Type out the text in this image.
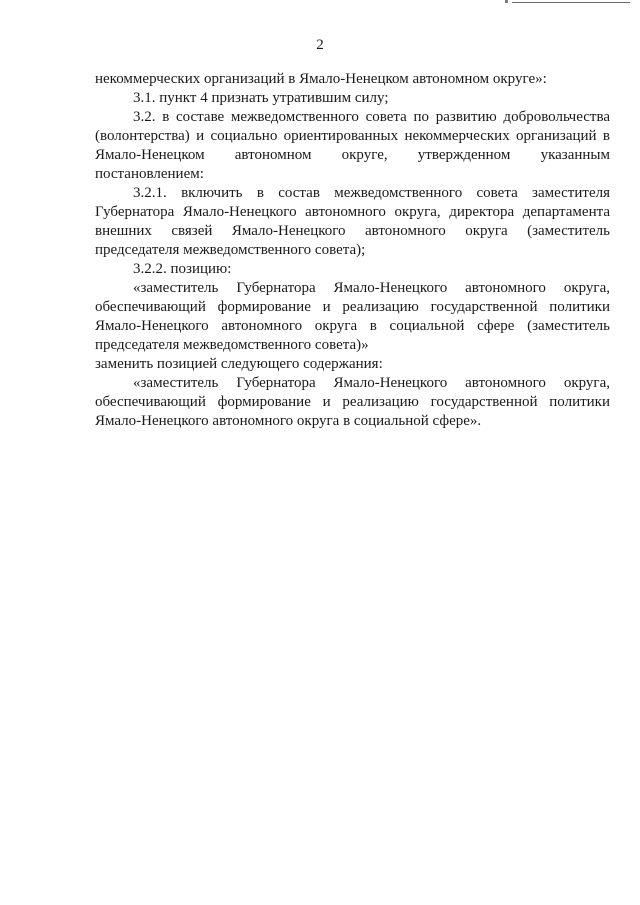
2

некоммерческих организаций в Ямало-Ненецком автономном округе»:

3.1. пункт 4 признать утратившим силу;

3.2. в составе межведомственного совета по развитию добровольчества (волонтерства) и социально ориентированных некоммерческих организаций в Ямало-Ненецком автономном округе, утвержденном указанным постановлением:

3.2.1. включить в состав межведомственного совета заместителя Губернатора Ямало-Ненецкого автономного округа, директора департамента внешних связей Ямало-Ненецкого автономного округа (заместитель председателя межведомственного совета);

3.2.2. позицию:

«заместитель Губернатора Ямало-Ненецкого автономного округа, обеспечивающий формирование и реализацию государственной политики Ямало-Ненецкого автономного округа в социальной сфере (заместитель председателя межведомственного совета)»

заменить позицией следующего содержания:

«заместитель Губернатора Ямало-Ненецкого автономного округа, обеспечивающий формирование и реализацию государственной политики Ямало-Ненецкого автономного округа в социальной сфере».
